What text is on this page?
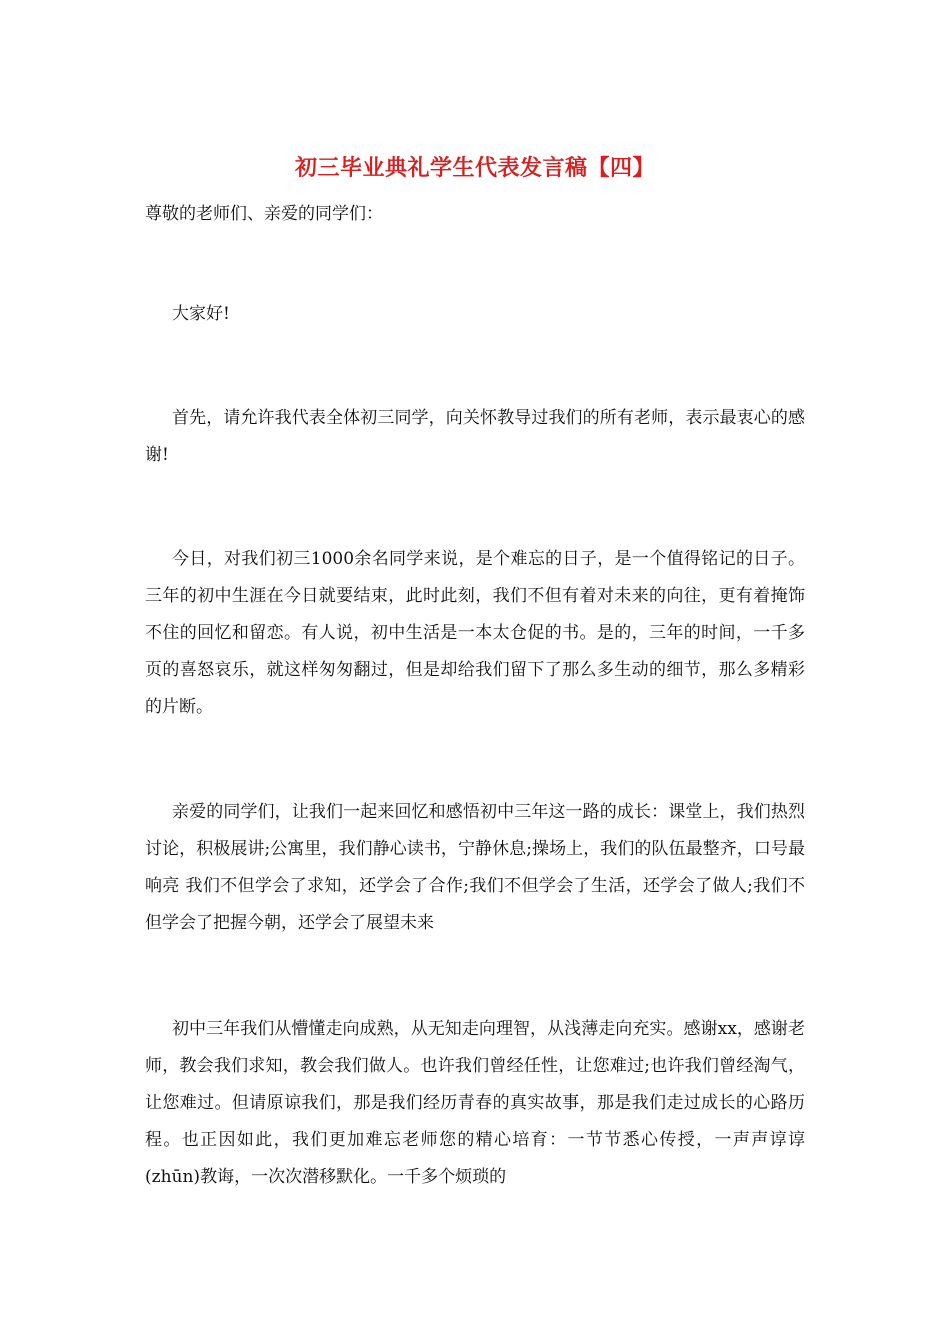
初三毕业典礼学生代表发言稿【四】
尊敬的老师们、亲爱的同学们：

大家好!

首先，请允许我代表全体初三同学，向关怀教导过我们的所有老师，表示最衷心的感谢!

今日，对我们初三1000余名同学来说，是个难忘的日子，是一个值得铭记的日子。三年的初中生涯在今日就要结束，此时此刻，我们不但有着对未来的向往，更有着掩饰不住的回忆和留恋。有人说，初中生活是一本太仓促的书。是的，三年的时间，一千多页的喜怒哀乐，就这样匆匆翻过，但是却给我们留下了那么多生动的细节，那么多精彩的片断。

亲爱的同学们，让我们一起来回忆和感悟初中三年这一路的成长：课堂上，我们热烈讨论，积极展讲;公寓里，我们静心读书，宁静休息;操场上，我们的队伍最整齐，口号最响亮 我们不但学会了求知，还学会了合作;我们不但学会了生活，还学会了做人;我们不但学会了把握今朝，还学会了展望未来

初中三年我们从懵懂走向成熟，从无知走向理智，从浅薄走向充实。感谢xx，感谢老师，教会我们求知，教会我们做人。也许我们曾经任性，让您难过;也许我们曾经淘气，让您难过。但请原谅我们，那是我们经历青春的真实故事，那是我们走过成长的心路历程。也正因如此，我们更加难忘老师您的精心培育：一节节悉心传授，一声声谆谆(zhūn)教诲，一次次潜移默化。一千多个烦琐的
